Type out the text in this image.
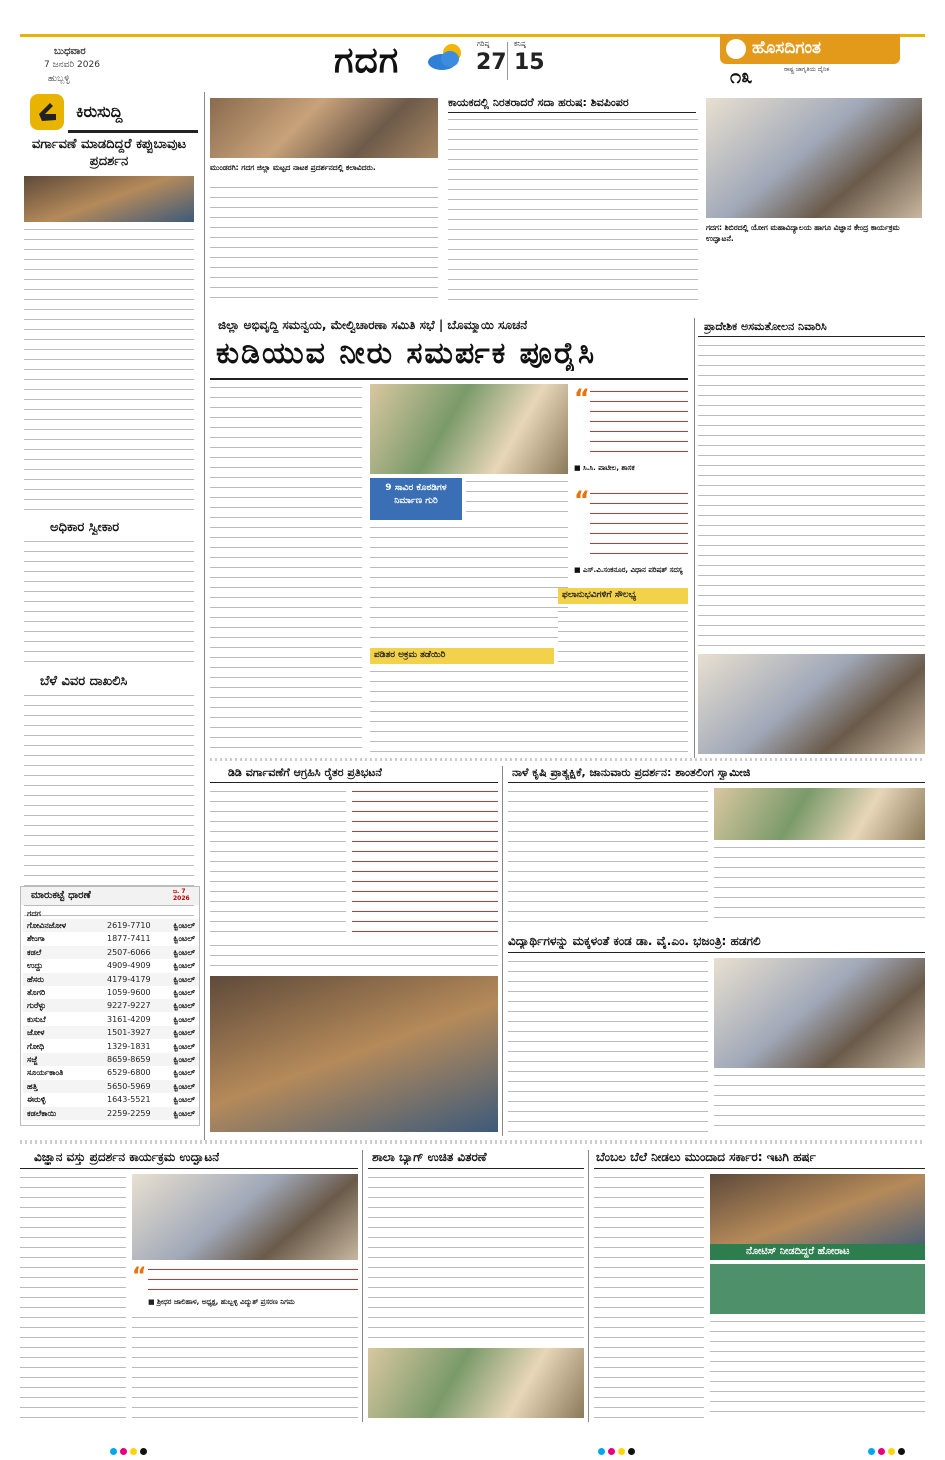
ಬುಧವಾರ
7 ಜನವರಿ 2026
ಹುಬ್ಬಳ್ಳಿ	ಗದಗ	ಗರಿಷ್ಠ
27
ಕನಿಷ್ಠ
15
ಹೊಸದಿಗಂತ
೧೩	ರಾಷ್ಟ್ರ ಜಾಗೃತಿಯ ದೈನಿಕ
ಕಿರುಸುದ್ದಿ
ವರ್ಗಾವಣೆ ಮಾಡದಿದ್ದರೆ ಕಪ್ಪುಬಾವುಟ ಪ್ರದರ್ಶನ
ಅಧಿಕಾರ ಸ್ವೀಕಾರ
ಬೆಳೆ ವಿವರ ದಾಖಲಿಸಿ
ಮಾರುಕಟ್ಟೆ ಧಾರಣೆ	ಜ. 7 2026
ಗದಗ
ಗೋವಿನಜೋಳ	2619-7710	ಕ್ವಿಂಟಲ್
ಶೇಂಗಾ	1877-7411	ಕ್ವಿಂಟಲ್
ಕಡಲೆ	2507-6066	ಕ್ವಿಂಟಲ್
ಉದ್ದು	4909-4909	ಕ್ವಿಂಟಲ್
ಹೆಸರು	4179-4179	ಕ್ವಿಂಟಲ್
ತೊಗರಿ	1059-9600	ಕ್ವಿಂಟಲ್
ಗುರೆಳ್ಳು	9227-9227	ಕ್ವಿಂಟಲ್
ಕುಸುಬೆ	3161-4209	ಕ್ವಿಂಟಲ್
ಜೋಳ	1501-3927	ಕ್ವಿಂಟಲ್
ಗೋಧಿ	1329-1831	ಕ್ವಿಂಟಲ್
ಸಜ್ಜೆ	8659-8659	ಕ್ವಿಂಟಲ್
ಸೂರ್ಯಕಾಂತಿ	6529-6800	ಕ್ವಿಂಟಲ್
ಹತ್ತಿ	5650-5969	ಕ್ವಿಂಟಲ್
ಈರುಳ್ಳಿ	1643-5521	ಕ್ವಿಂಟಲ್
ಕಡಲೆಕಾಯಿ	2259-2259	ಕ್ವಿಂಟಲ್
ಮುಂಡರಗಿ: ಗದಗ ಜಿಲ್ಲಾ ಮಟ್ಟದ ನಾಟಕ ಪ್ರದರ್ಶನದಲ್ಲಿ ಕಲಾವಿದರು.
ಕಾಯಕದಲ್ಲಿ ನಿರತರಾದರೆ ಸದಾ ಹರುಷ: ಶಿವಪಿಂಪರ
ಗದಗ: ಶಿಬಿರದಲ್ಲಿ ಯೋಗ ಮಹಾವಿದ್ಯಾಲಯ ಹಾಗೂ ವಿಜ್ಞಾನ ಕೇಂದ್ರ ಕಾರ್ಯಕ್ರಮ ಉದ್ಘಾಟನೆ.
ಜಿಲ್ಲಾ ಅಭಿವೃದ್ಧಿ ಸಮನ್ವಯ, ಮೇಲ್ವಿಚಾರಣಾ ಸಮಿತಿ ಸಭೆ | ಬೊಮ್ಮಾಯಿ ಸೂಚನೆ
ಕುಡಿಯುವ ನೀರು ಸಮರ್ಪಕ ಪೂರೈಸಿ
9 ಸಾವಿರ ಕೊಠಡಿಗಳ ನಿರ್ಮಾಣ ಗುರಿ
“
■ ಸಿ.ಸಿ. ಪಾಟೀಲ, ಶಾಸಕ
“
■ ಎಸ್.ವಿ.ಸಂಕನೂರ, ವಿಧಾನ ಪರಿಷತ್ ಸದಸ್ಯ
ಫಲಾನುಭವಿಗಳಿಗೆ ಸೌಲಭ್ಯ
ಪಡಿತರ ಅಕ್ರಮ ತಡೆಯಿರಿ
ಪ್ರಾದೇಶಿಕ ಅಸಮತೋಲನ ನಿವಾರಿಸಿ
ಡಿಡಿ ವರ್ಗಾವಣೆಗೆ ಆಗ್ರಹಿಸಿ ರೈತರ ಪ್ರತಿಭಟನೆ	ನಾಳೆ ಕೃಷಿ ಪ್ರಾತ್ಯಕ್ಷಿಕೆ, ಜಾನುವಾರು ಪ್ರದರ್ಶನ: ಶಾಂತಲಿಂಗ ಸ್ವಾಮೀಜಿ
ವಿದ್ಯಾರ್ಥಿಗಳನ್ನು ಮಕ್ಕಳಂತೆ ಕಂಡ ಡಾ. ವೈ.ಎಂ. ಭಜಂತ್ರಿ: ಹಡಗಲಿ
ವಿಜ್ಞಾನ ವಸ್ತು ಪ್ರದರ್ಶನ ಕಾರ್ಯಕ್ರಮ ಉದ್ಘಾಟನೆ
“
■ ಶ್ರೀಧರ ಜಾಲಿಹಾಳ, ಅಧ್ಯಕ್ಷ, ಹುಬ್ಬಳ್ಳಿ ವಿದ್ಯುತ್ ಪ್ರಸರಣ ನಿಗಮ
ಶಾಲಾ ಬ್ಯಾಗ್ ಉಚಿತ ವಿತರಣೆ	ಬೆಂಬಲ ಬೆಲೆ ನೀಡಲು ಮುಂದಾದ ಸರ್ಕಾರ: ಇಟಗಿ ಹರ್ಷ
ನೋಟಿಸ್ ನೀಡದಿದ್ದರೆ ಹೋರಾಟ
